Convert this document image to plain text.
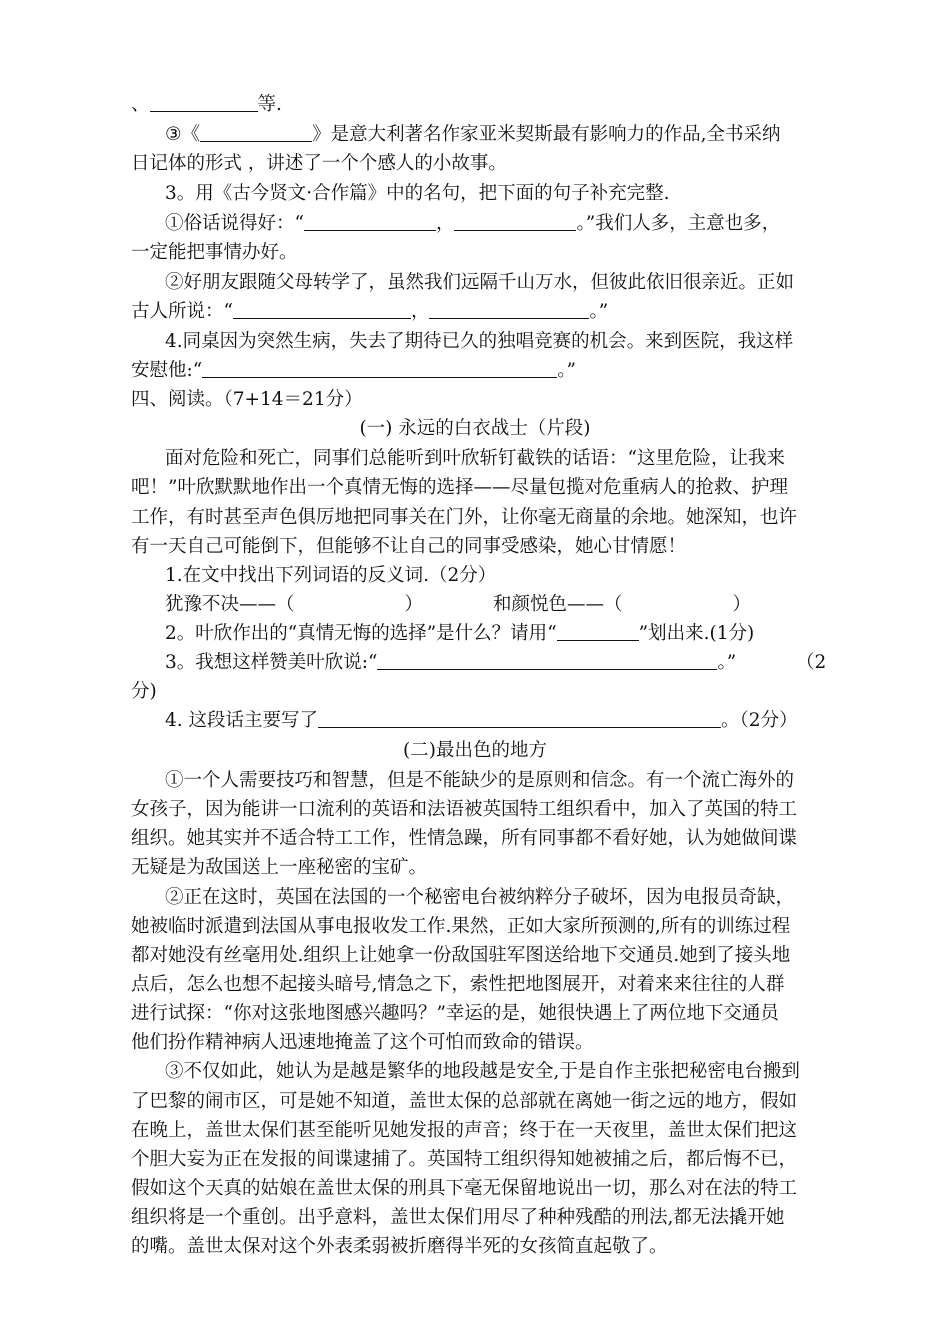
、	等.
③《	》是意大利著名作家亚米契斯最有影响力的作品,全书采纳
日记体的形式 ，讲述了一个个感人的小故事。
3。用《古今贤文·合作篇》中的名句，把下面的句子补充完整.
①俗话说得好：“	，	。”我们人多，主意也多，
一定能把事情办好。
②好朋友跟随父母转学了，虽然我们远隔千山万水，但彼此依旧很亲近。正如
古人所说：“	，	。”
4.同桌因为突然生病，失去了期待已久的独唱竞赛的机会。来到医院，我这样
安慰他:“	。”
四、阅读。（7+14＝21分）
(一) 永远的白衣战士（片段)
面对危险和死亡，同事们总能听到叶欣斩钉截铁的话语：“这里危险，让我来
吧！”叶欣默默地作出一个真情无悔的选择——尽量包揽对危重病人的抢救、护理
工作，有时甚至声色俱厉地把同事关在门外，让你毫无商量的余地。她深知，也许
有一天自己可能倒下，但能够不让自己的同事受感染，她心甘情愿！
1.在文中找出下列词语的反义词.（2分）
犹豫不决——（	）	和颜悦色——（	）
2。叶欣作出的“真情无悔的选择”是什么？请用“	”划出来.(1分)
3。我想这样赞美叶欣说:“	。”	（2
分)
4. 这段话主要写了	。（2分）
(二)最出色的地方
①一个人需要技巧和智慧，但是不能缺少的是原则和信念。有一个流亡海外的
女孩子，因为能讲一口流利的英语和法语被英国特工组织看中，加入了英国的特工
组织。她其实并不适合特工工作，性情急躁，所有同事都不看好她，认为她做间谍
无疑是为敌国送上一座秘密的宝矿。
②正在这时，英国在法国的一个秘密电台被纳粹分子破坏，因为电报员奇缺，
她被临时派遣到法国从事电报收发工作.果然，正如大家所预测的,所有的训练过程
都对她没有丝毫用处.组织上让她拿一份敌国驻军图送给地下交通员.她到了接头地
点后，怎么也想不起接头暗号,情急之下，索性把地图展开，对着来来往往的人群
进行试探：“你对这张地图感兴趣吗？”幸运的是，她很快遇上了两位地下交通员
他们扮作精神病人迅速地掩盖了这个可怕而致命的错误。
③不仅如此，她认为是越是繁华的地段越是安全,于是自作主张把秘密电台搬到
了巴黎的闹市区，可是她不知道，盖世太保的总部就在离她一街之远的地方，假如
在晚上，盖世太保们甚至能听见她发报的声音；终于在一天夜里，盖世太保们把这
个胆大妄为正在发报的间谍逮捕了。英国特工组织得知她被捕之后，都后悔不已，
假如这个天真的姑娘在盖世太保的刑具下毫无保留地说出一切，那么对在法的特工
组织将是一个重创。出乎意料，盖世太保们用尽了种种残酷的刑法,都无法撬开她
的嘴。盖世太保对这个外表柔弱被折磨得半死的女孩简直起敬了。
